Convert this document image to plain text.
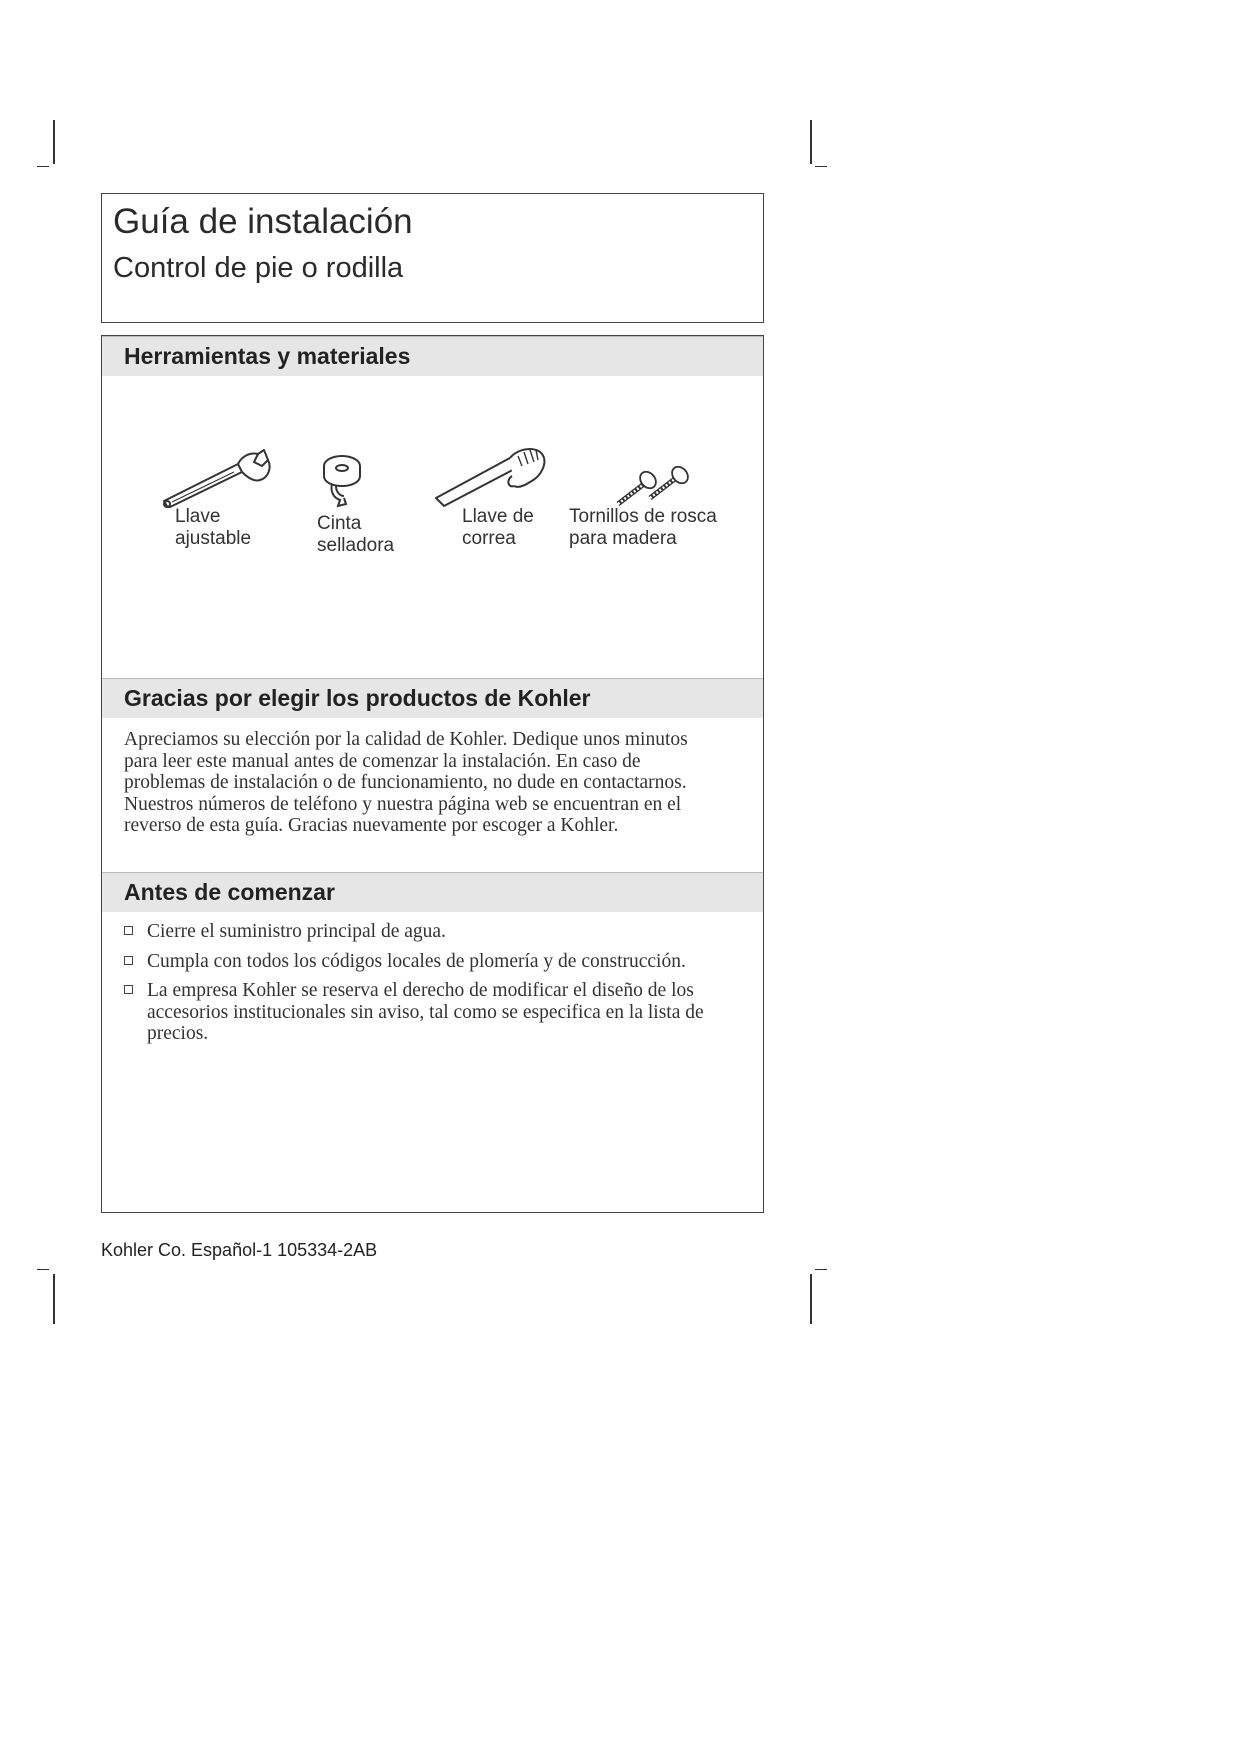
Guía de instalación
Control de pie o rodilla
Herramientas y materiales
Llave
ajustable
Cinta
selladora
Llave de
correa
Tornillos de rosca
para madera
Gracias por elegir los productos de Kohler

Apreciamos su elección por la calidad de Kohler. Dedique unos minutos para leer este manual antes de comenzar la instalación. En caso de problemas de instalación o de funcionamiento, no dude en contactarnos. Nuestros números de teléfono y nuestra página web se encuentran en el reverso de esta guía. Gracias nuevamente por escoger a Kohler.

Antes de comenzar
Cierre el suministro principal de agua.
Cumpla con todos los códigos locales de plomería y de construcción.
La empresa Kohler se reserva el derecho de modificar el diseño de los accesorios institucionales sin aviso, tal como se especifica en la lista de precios.
Kohler Co. Español-1 105334-2AB
